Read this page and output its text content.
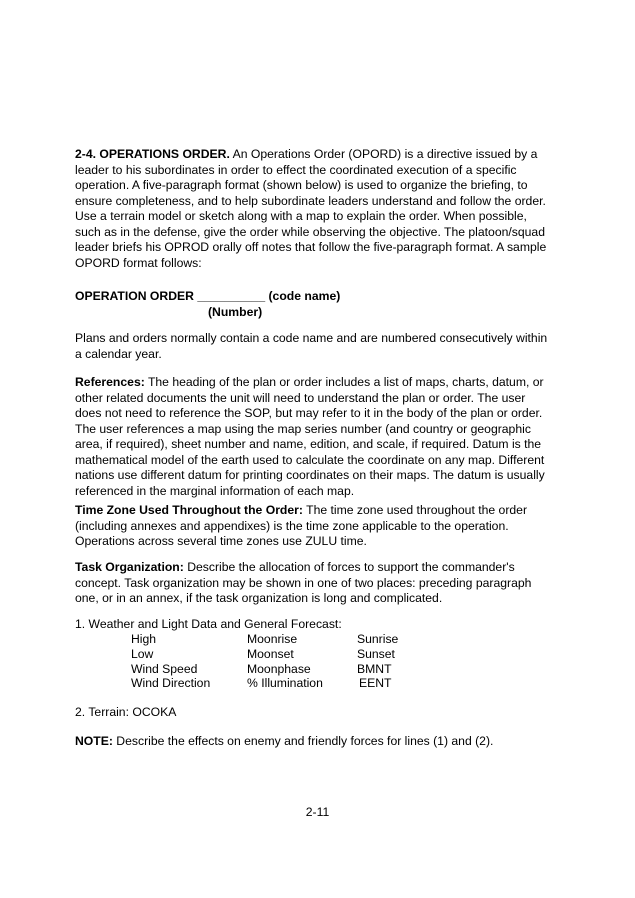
2-4. OPERATIONS ORDER. An Operations Order (OPORD) is a directive issued by a
leader to his subordinates in order to effect the coordinated execution of a specific
operation. A five-paragraph format (shown below) is used to organize the briefing, to
ensure completeness, and to help subordinate leaders understand and follow the order.
Use a terrain model or sketch along with a map to explain the order. When possible,
such as in the defense, give the order while observing the objective. The platoon/squad
leader briefs his OPROD orally off notes that follow the five-paragraph format. A sample
OPORD format follows:
OPERATION ORDER __________ (code name)
(Number)
Plans and orders normally contain a code name and are numbered consecutively within
a calendar year.
References: The heading of the plan or order includes a list of maps, charts, datum, or
other related documents the unit will need to understand the plan or order. The user
does not need to reference the SOP, but may refer to it in the body of the plan or order.
The user references a map using the map series number (and country or geographic
area, if required), sheet number and name, edition, and scale, if required. Datum is the
mathematical model of the earth used to calculate the coordinate on any map. Different
nations use different datum for printing coordinates on their maps. The datum is usually
referenced in the marginal information of each map.
Time Zone Used Throughout the Order: The time zone used throughout the order
(including annexes and appendixes) is the time zone applicable to the operation.
Operations across several time zones use ZULU time.
Task Organization: Describe the allocation of forces to support the commander's
concept. Task organization may be shown in one of two places: preceding paragraph
one, or in an annex, if the task organization is long and complicated.
1. Weather and Light Data and General Forecast:
High	Moonrise	Sunrise
Low	Moonset	Sunset
Wind Speed	Moonphase	BMNT
Wind Direction	% Illumination	EENT
2. Terrain: OCOKA
NOTE: Describe the effects on enemy and friendly forces for lines (1) and (2).
2-11
